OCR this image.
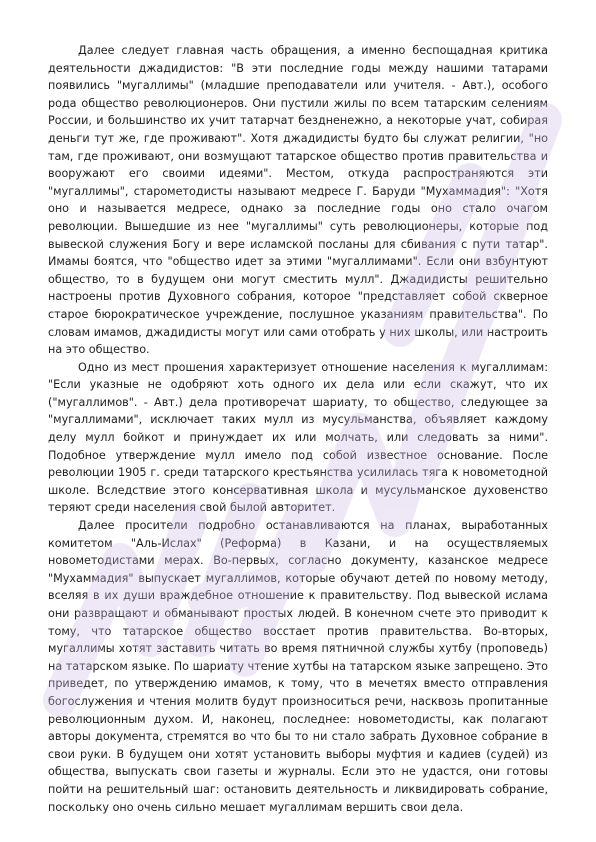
Далее следует главная часть обращения, а именно беспощадная критика деятельности джадидистов: "В эти последние годы между нашими татарами появились "мугаллимы" (младшие преподаватели или учителя. - Авт.), особого рода общество революционеров. Они пустили жилы по всем татарским селениям России, и большинство их учит татарчат бездненежно, а некоторые учат, собирая деньги тут же, где проживают". Хотя джадидисты будто бы служат религии, "но там, где проживают, они возмущают татарское общество против правительства и вооружают его своими идеями". Местом, откуда распространяются эти "мугаллимы", старометодисты называют медресе Г. Баруди "Мухаммадия": "Хотя оно и называется медресе, однако за последние годы оно стало очагом революции. Вышедшие из нее "мугаллимы" суть революционеры, которые под вывеской служения Богу и вере исламской посланы для сбивания с пути татар". Имамы боятся, что "общество идет за этими "мугаллимами". Если они взбунтуют общество, то в будущем они могут сместить мулл". Джадидисты решительно настроены против Духовного собрания, которое "представляет собой скверное старое бюрократическое учреждение, послушное указаниям правительства". По словам имамов, джадидисты могут или сами отобрать у них школы, или настроить на это общество.

Одно из мест прошения характеризует отношение населения к мугаллимам: "Если указные не одобряют хоть одного их дела или если скажут, что их ("мугаллимов". - Авт.) дела противоречат шариату, то общество, следующее за "мугаллимами", исключает таких мулл из мусульманства, объявляет каждому делу мулл бойкот и принуждает их или молчать, или следовать за ними". Подобное утверждение мулл имело под собой известное основание. После революции 1905 г. среди татарского крестьянства усилилась тяга к новометодной школе. Вследствие этого консервативная школа и мусульманское духовенство теряют среди населения свой былой авторитет.

Далее просители подробно останавливаются на планах, выработанных комитетом "Аль-Ислах" (Реформа) в Казани, и на осуществляемых новометодистами мерах. Во-первых, согласно документу, казанское медресе "Мухаммадия" выпускает мугаллимов, которые обучают детей по новому методу, вселяя в их души враждебное отношение к правительству. Под вывеской ислама они развращают и обманывают простых людей. В конечном счете это приводит к тому, что татарское общество восстает против правительства. Во-вторых, мугаллимы хотят заставить читать во время пятничной службы хутбу (проповедь) на татарском языке. По шариату чтение хутбы на татарском языке запрещено. Это приведет, по утверждению имамов, к тому, что в мечетях вместо отправления богослужения и чтения молитв будут произноситься речи, насквозь пропитанные революционным духом. И, наконец, последнее: новометодисты, как полагают авторы документа, стремятся во что бы то ни стало забрать Духовное собрание в свои руки. В будущем они хотят установить выборы муфтия и кадиев (судей) из общества, выпускать свои газеты и журналы. Если это не удастся, они готовы пойти на решительный шаг: остановить деятельность и ликвидировать собрание, поскольку оно очень сильно мешает мугаллимам вершить свои дела.
